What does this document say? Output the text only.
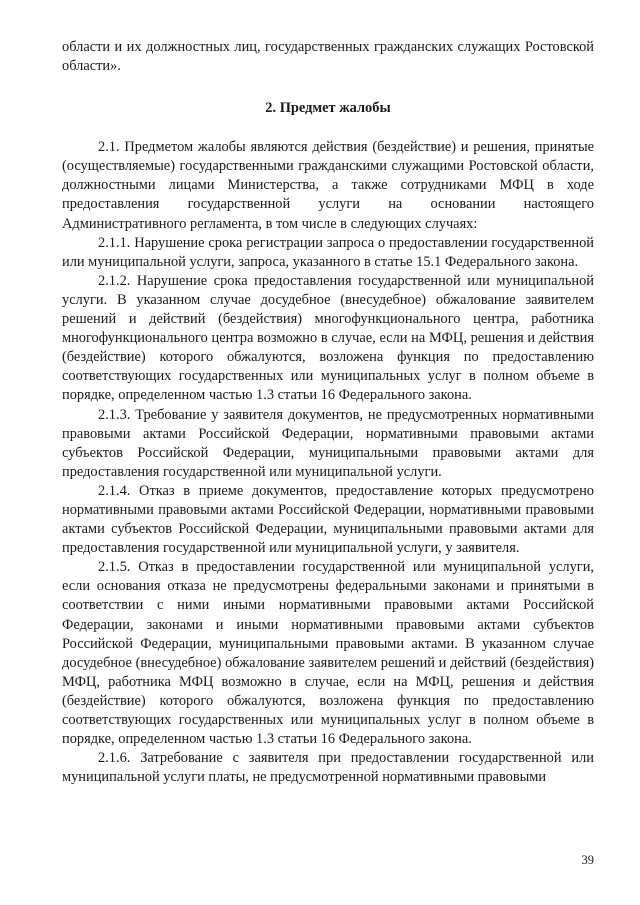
области и их должностных лиц, государственных гражданских служащих Ростовской области».

2. Предмет жалобы

2.1. Предметом жалобы являются действия (бездействие) и решения, принятые (осуществляемые) государственными гражданскими служащими Ростовской области, должностными лицами Министерства, а также сотрудниками МФЦ в ходе предоставления государственной услуги на основании настоящего Административного регламента, в том числе в следующих случаях:

2.1.1. Нарушение срока регистрации запроса о предоставлении государственной или муниципальной услуги, запроса, указанного в статье 15.1 Федерального закона.

2.1.2. Нарушение срока предоставления государственной или муниципальной услуги. В указанном случае досудебное (внесудебное) обжалование заявителем решений и действий (бездействия) многофункционального центра, работника многофункционального центра возможно в случае, если на МФЦ, решения и действия (бездействие) которого обжалуются, возложена функция по предоставлению соответствующих государственных или муниципальных услуг в полном объеме в порядке, определенном частью 1.3 статьи 16 Федерального закона.

2.1.3. Требование у заявителя документов, не предусмотренных нормативными правовыми актами Российской Федерации, нормативными правовыми актами субъектов Российской Федерации, муниципальными правовыми актами для предоставления государственной или муниципальной услуги.

2.1.4. Отказ в приеме документов, предоставление которых предусмотрено нормативными правовыми актами Российской Федерации, нормативными правовыми актами субъектов Российской Федерации, муниципальными правовыми актами для предоставления государственной или муниципальной услуги, у заявителя.

2.1.5. Отказ в предоставлении государственной или муниципальной услуги, если основания отказа не предусмотрены федеральными законами и принятыми в соответствии с ними иными нормативными правовыми актами Российской Федерации, законами и иными нормативными правовыми актами субъектов Российской Федерации, муниципальными правовыми актами. В указанном случае досудебное (внесудебное) обжалование заявителем решений и действий (бездействия) МФЦ, работника МФЦ возможно в случае, если на МФЦ, решения и действия (бездействие) которого обжалуются, возложена функция по предоставлению соответствующих государственных или муниципальных услуг в полном объеме в порядке, определенном частью 1.3 статьи 16 Федерального закона.

2.1.6. Затребование с заявителя при предоставлении государственной или муниципальной услуги платы, не предусмотренной нормативными правовыми

39
